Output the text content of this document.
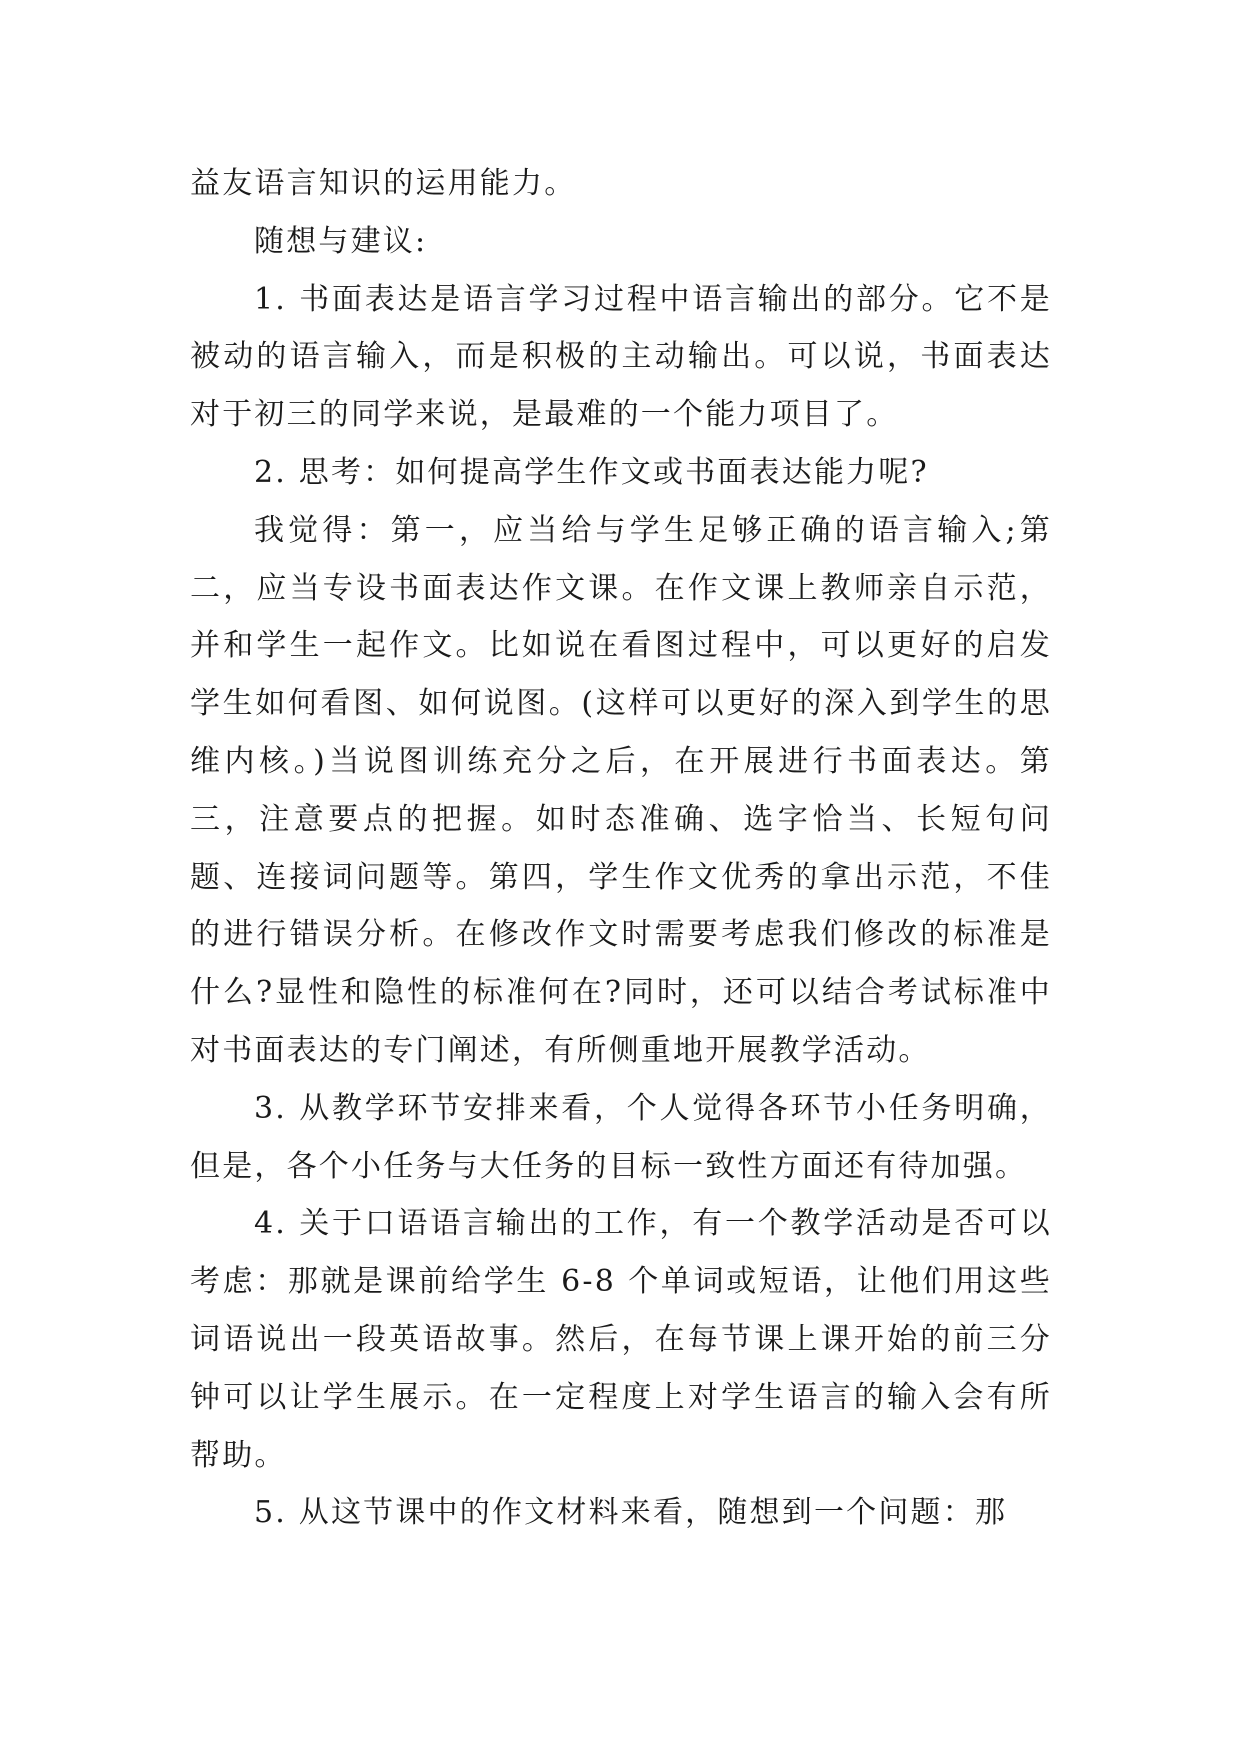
益友语言知识的运用能力。

随想与建议:

1. 书面表达是语言学习过程中语言输出的部分。它不是被动的语言输入，而是积极的主动输出。可以说，书面表达对于初三的同学来说，是最难的一个能力项目了。

2. 思考：如何提高学生作文或书面表达能力呢?

我觉得：第一，应当给与学生足够正确的语言输入;第二，应当专设书面表达作文课。在作文课上教师亲自示范，并和学生一起作文。比如说在看图过程中，可以更好的启发学生如何看图、如何说图。(这样可以更好的深入到学生的思维内核。)当说图训练充分之后，在开展进行书面表达。第三，注意要点的把握。如时态准确、选字恰当、长短句问题、连接词问题等。第四，学生作文优秀的拿出示范，不佳的进行错误分析。在修改作文时需要考虑我们修改的标准是什么?显性和隐性的标准何在?同时，还可以结合考试标准中对书面表达的专门阐述，有所侧重地开展教学活动。

3. 从教学环节安排来看，个人觉得各环节小任务明确，但是，各个小任务与大任务的目标一致性方面还有待加强。

4. 关于口语语言输出的工作，有一个教学活动是否可以考虑：那就是课前给学生 6-8 个单词或短语，让他们用这些词语说出一段英语故事。然后，在每节课上课开始的前三分钟可以让学生展示。在一定程度上对学生语言的输入会有所帮助。

5. 从这节课中的作文材料来看，随想到一个问题：那
